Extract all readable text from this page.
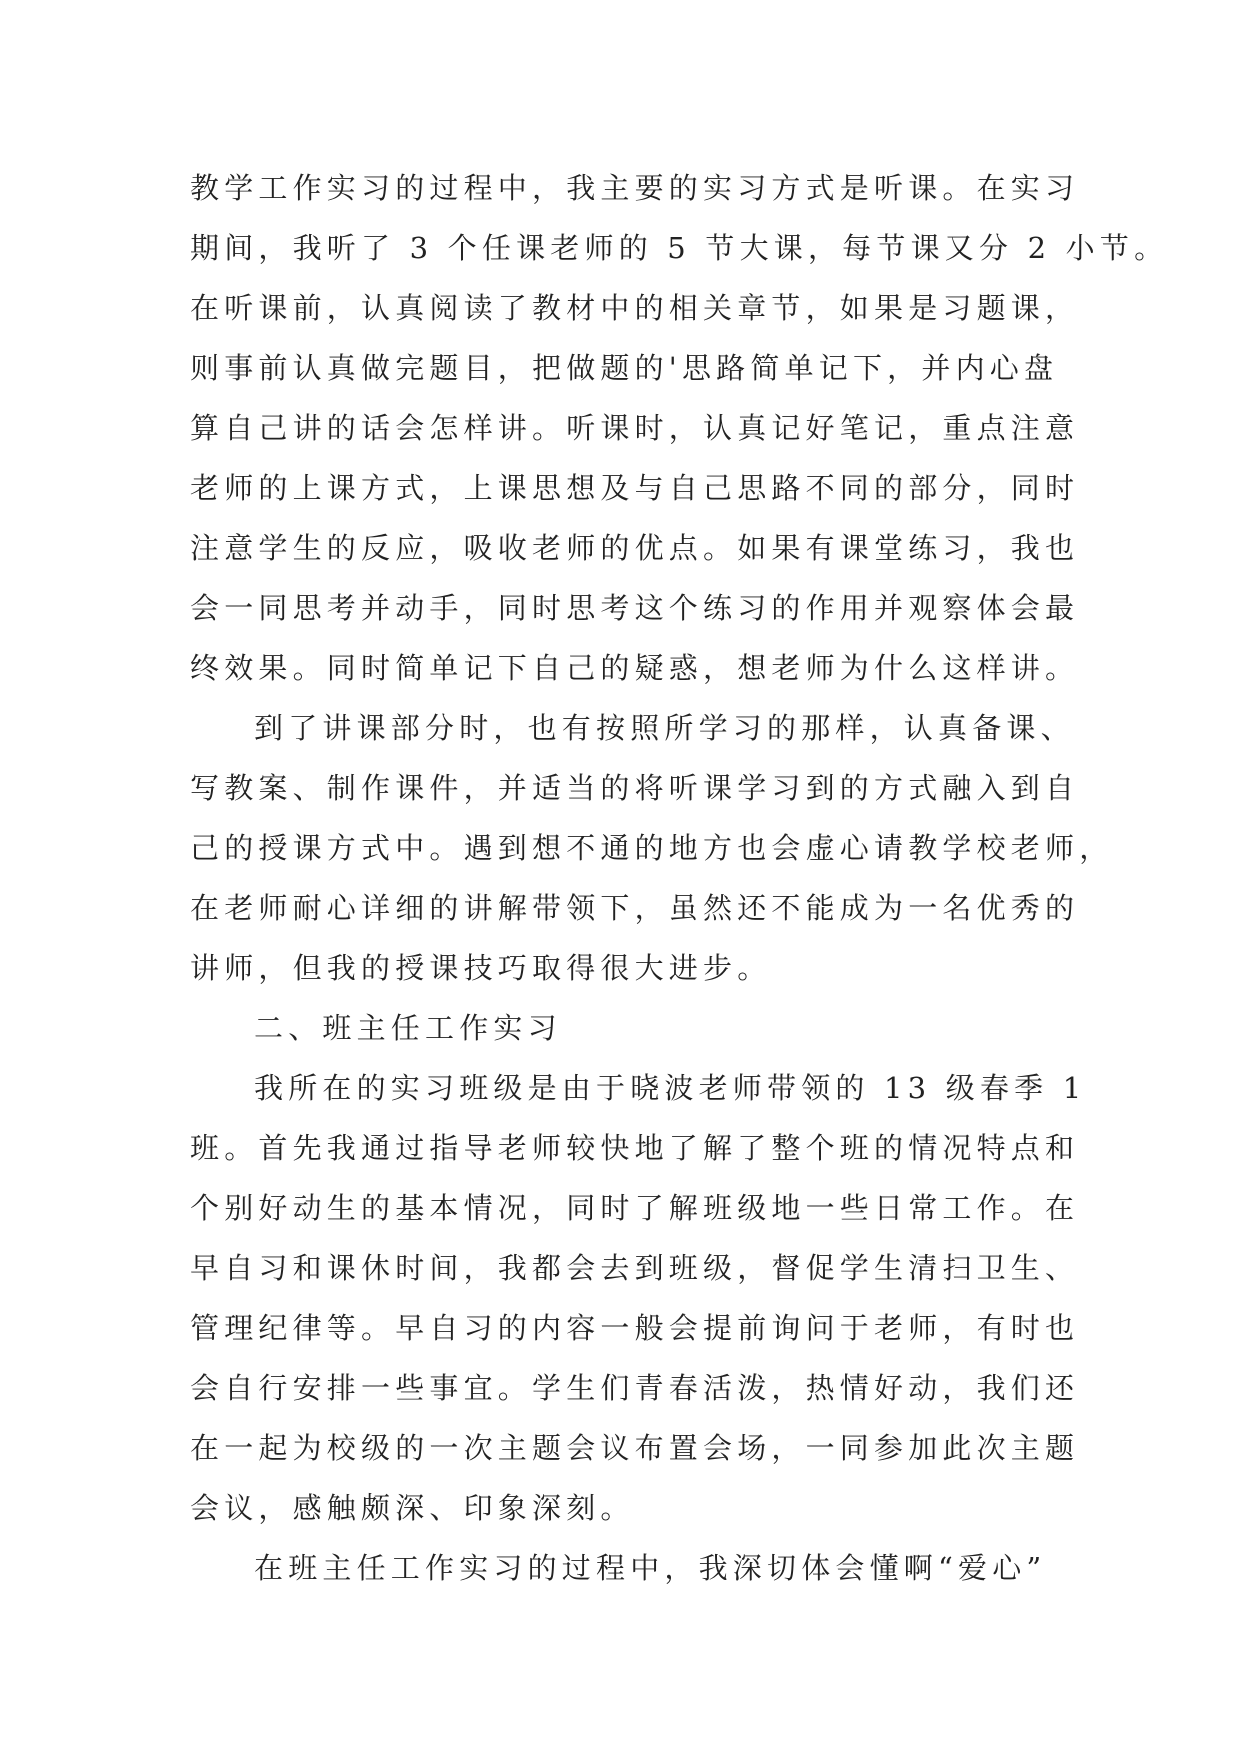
教学工作实习的过程中，我主要的实习方式是听课。在实习
期间，我听了 3 个任课老师的 5 节大课，每节课又分 2 小节。
在听课前，认真阅读了教材中的相关章节，如果是习题课，
则事前认真做完题目，把做题的'思路简单记下，并内心盘
算自己讲的话会怎样讲。听课时，认真记好笔记，重点注意
老师的上课方式，上课思想及与自己思路不同的部分，同时
注意学生的反应，吸收老师的优点。如果有课堂练习，我也
会一同思考并动手，同时思考这个练习的作用并观察体会最
终效果。同时简单记下自己的疑惑，想老师为什么这样讲。
到了讲课部分时，也有按照所学习的那样，认真备课、
写教案、制作课件，并适当的将听课学习到的方式融入到自
己的授课方式中。遇到想不通的地方也会虚心请教学校老师，
在老师耐心详细的讲解带领下，虽然还不能成为一名优秀的
讲师，但我的授课技巧取得很大进步。
二、班主任工作实习
我所在的实习班级是由于晓波老师带领的 13 级春季 1
班。首先我通过指导老师较快地了解了整个班的情况特点和
个别好动生的基本情况，同时了解班级地一些日常工作。在
早自习和课休时间，我都会去到班级，督促学生清扫卫生、
管理纪律等。早自习的内容一般会提前询问于老师，有时也
会自行安排一些事宜。学生们青春活泼，热情好动，我们还
在一起为校级的一次主题会议布置会场，一同参加此次主题
会议，感触颇深、印象深刻。
在班主任工作实习的过程中，我深切体会懂啊“爱心”
